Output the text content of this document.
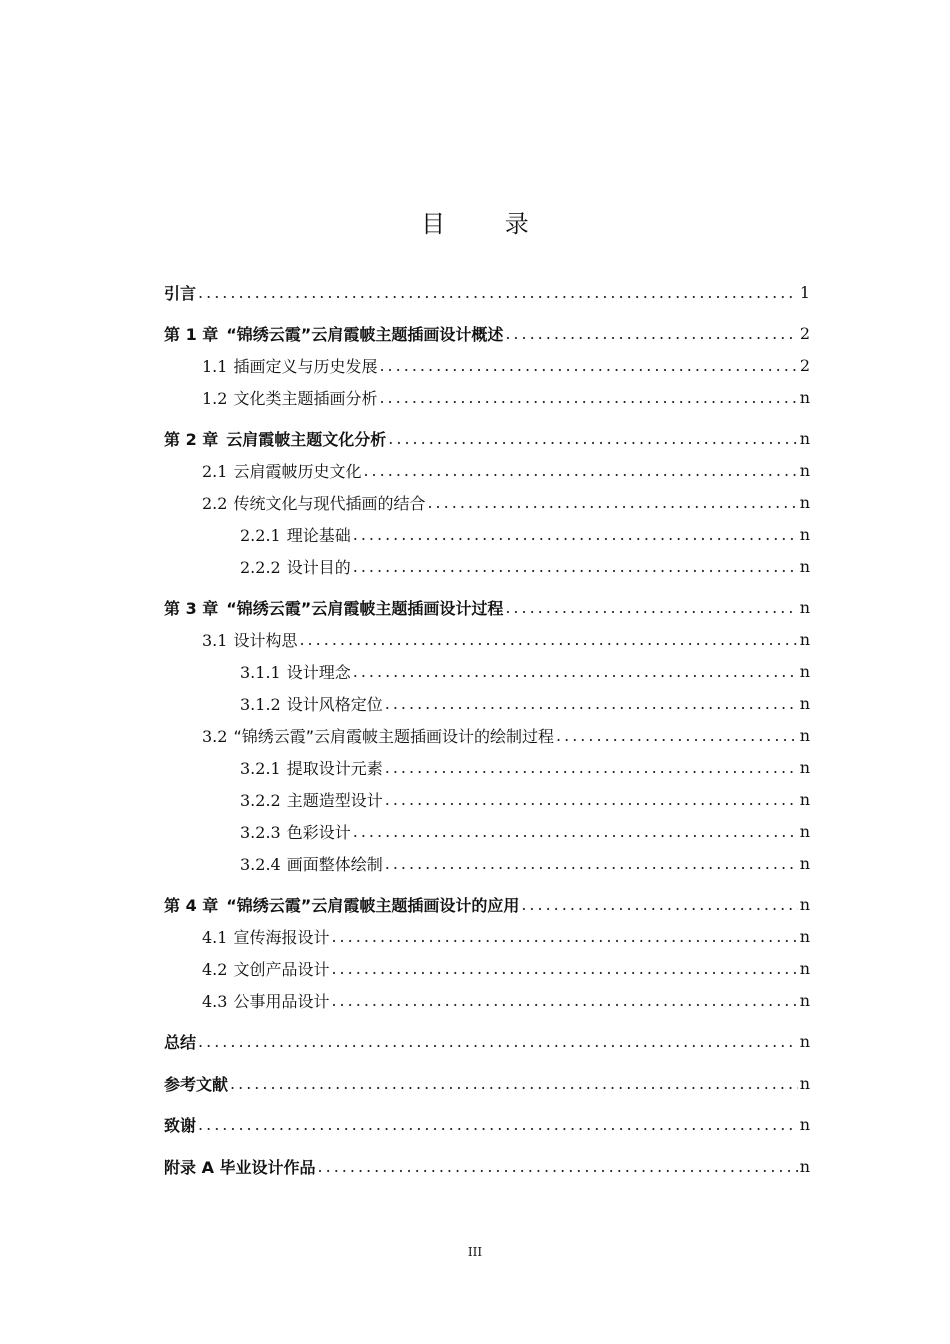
目 录
引言 .....	1
第 1 章 “锦绣云霞”云肩霞帔主题插画设计概述 .....	2
1.1 插画定义与历史发展 .....	2
1.2 文化类主题插画分析 .....	n
第 2 章 云肩霞帔主题文化分析 .....	n
2.1 云肩霞帔历史文化 .....	n
2.2 传统文化与现代插画的结合 .....	n
2.2.1 理论基础 .....	n
2.2.2 设计目的 .....	n
第 3 章 “锦绣云霞”云肩霞帔主题插画设计过程 .....	n
3.1 设计构思 .....	n
3.1.1 设计理念 .....	n
3.1.2 设计风格定位 .....	n
3.2 “锦绣云霞”云肩霞帔主题插画设计的绘制过程 .....	n
3.2.1 提取设计元素 .....	n
3.2.2 主题造型设计 .....	n
3.2.3 色彩设计 .....	n
3.2.4 画面整体绘制 .....	n
第 4 章 “锦绣云霞”云肩霞帔主题插画设计的应用 .....	n
4.1 宣传海报设计 .....	n
4.2 文创产品设计 .....	n
4.3 公事用品设计 .....	n
总结 .....	n
参考文献 .....	n
致谢 .....	n
附录 A 毕业设计作品 .....	n
III
